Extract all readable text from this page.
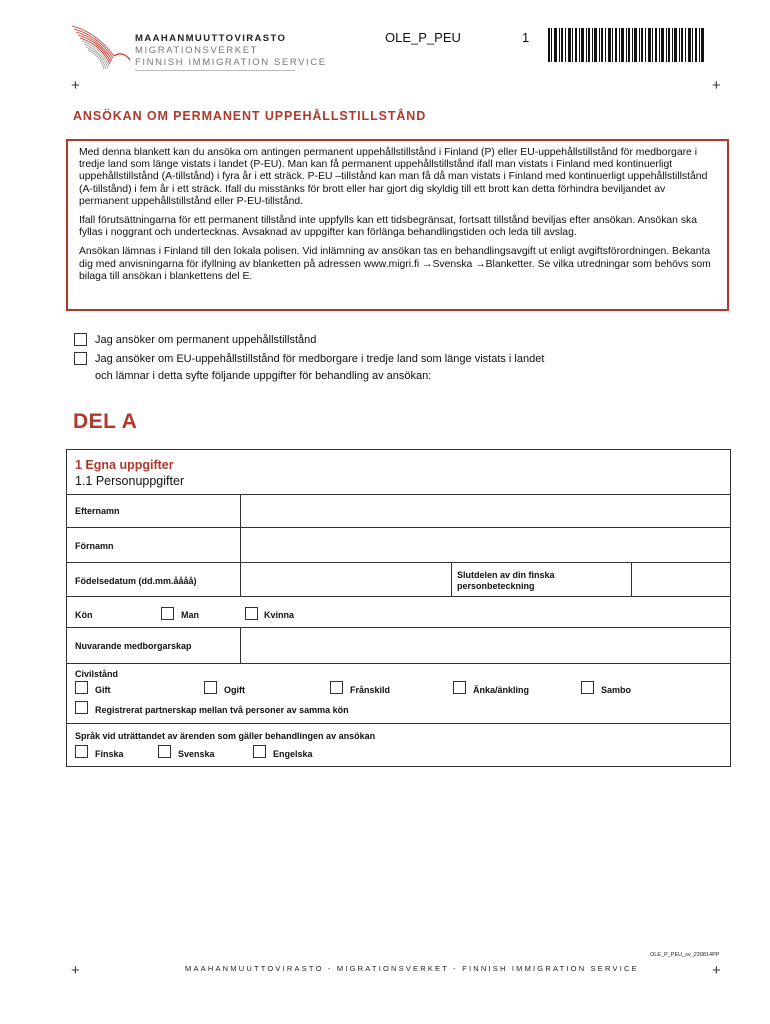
MAAHANMUUTTOVIRASTO
MIGRATIONSVERKET
FINNISH IMMIGRATION SERVICE
OLE_P_PEU	1
+	+
ANSÖKAN OM PERMANENT UPPEHÅLLSTILLSTÅND

Med denna blankett kan du ansöka om antingen permanent uppehållstillstånd i Finland (P) eller EU-uppehållstillstånd för medborgare i tredje land som länge vistats i landet (P-EU). Man kan få permanent uppehållstillstånd ifall man vistats i Finland med kontinuerligt uppehållstillstånd (A-tillstånd) i fyra år i ett sträck. P-EU –tillstånd kan man få då man vistats i Finland med kontinuerligt uppehållstillstånd (A-tillstånd) i fem år i ett sträck. Ifall du misstänks för brott eller har gjort dig skyldig till ett brott kan detta förhindra beviljandet av permanent uppehållstillstånd eller P-EU-tillstånd.

Ifall förutsättningarna för ett permanent tillstånd inte uppfylls kan ett tidsbegränsat, fortsatt tillstånd beviljas efter ansökan. Ansökan ska fyllas i noggrant och undertecknas. Avsaknad av uppgifter kan förlänga behandlingstiden och leda till avslag.

Ansökan lämnas i Finland till den lokala polisen. Vid inlämning av ansökan tas en behandlingsavgift ut enligt avgiftsförordningen. Bekanta dig med anvisningarna för ifyllning av blanketten på adressen www.migri.fi →Svenska →Blanketter. Se vilka utredningar som behövs som bilaga till ansökan i blankettens del E.

Jag ansöker om permanent uppehållstillstånd
Jag ansöker om EU-uppehållstillstånd för medborgare i tredje land som länge vistats i landet
och lämnar i detta syfte följande uppgifter för behandling av ansökan:
DEL A
1 Egna uppgifter
1.1 Personuppgifter
Efternamn
Förnamn
Födelsedatum (dd.mm.åååå)
Slutdelen av din finska
personbeteckning
Kön	Man	Kvinna
Nuvarande medborgarskap
Civilstånd
Gift	Ogift	Frånskild	Änka/änkling	Sambo
Registrerat partnerskap mellan två personer av samma kön
Språk vid uträttandet av ärenden som gäller behandlingen av ansökan
Finska	Svenska	Engelska
OLE_P_PEU_sv_230814PP
MAAHANMUUTTOVIRASTO - MIGRATIONSVERKET - FINNISH IMMIGRATION SERVICE
+	+
